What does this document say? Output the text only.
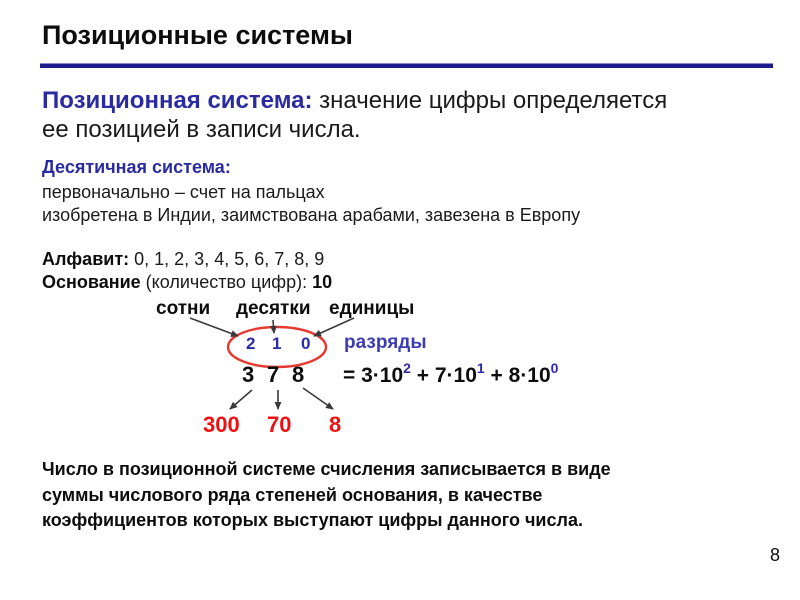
Позиционные системы
Позиционная система: значение цифры определяется
ее позицией в записи числа.
Десятичная система:
первоначально – счет на пальцах
изобретена в Индии, заимствована арабами, завезена в Европу
Алфавит: 0, 1, 2, 3, 4, 5, 6, 7, 8, 9
Основание (количество цифр): 10
сотни десятки единицы
2 1 0 разряды
3 7 $8 = 3\cdot 10^2 + 7\cdot 10^1 + 8\cdot 10^0$
300 70 8
Число в позиционной системе счисления записывается в виде
суммы числового ряда степеней основания, в качестве
коэффициентов которых выступают цифры данного числа.
8
